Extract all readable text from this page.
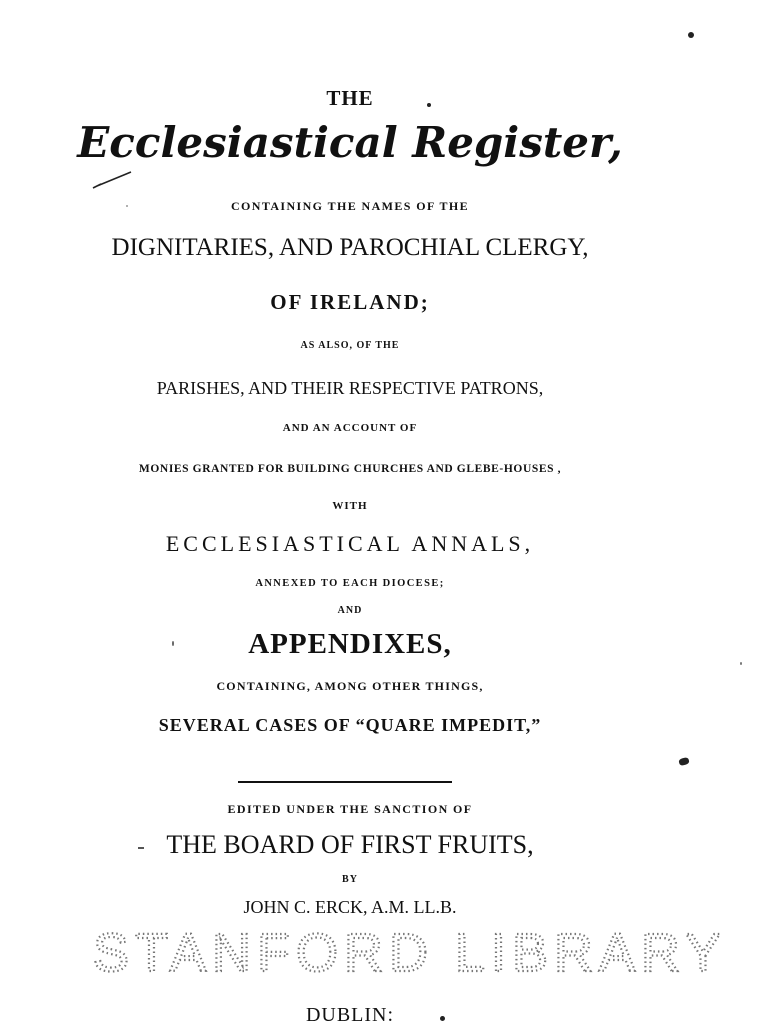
THE
Ecclesiastical Register,
CONTAINING THE NAMES OF THE
DIGNITARIES, AND PAROCHIAL CLERGY,
OF IRELAND;
AS ALSO, OF THE
PARISHES, AND THEIR RESPECTIVE PATRONS,
AND AN ACCOUNT OF
MONIES GRANTED FOR BUILDING CHURCHES AND GLEBE-HOUSES ,
WITH
ECCLESIASTICAL ANNALS,
ANNEXED TO EACH DIOCESE;
AND
APPENDIXES,
CONTAINING, AMONG OTHER THINGS,
SEVERAL CASES OF “QUARE IMPEDIT,”
EDITED UNDER THE SANCTION OF
THE BOARD OF FIRST FRUITS,
BY
JOHN C. ERCK, A.M. LL.B.
STANFORD LIBRARY
DUBLIN:
